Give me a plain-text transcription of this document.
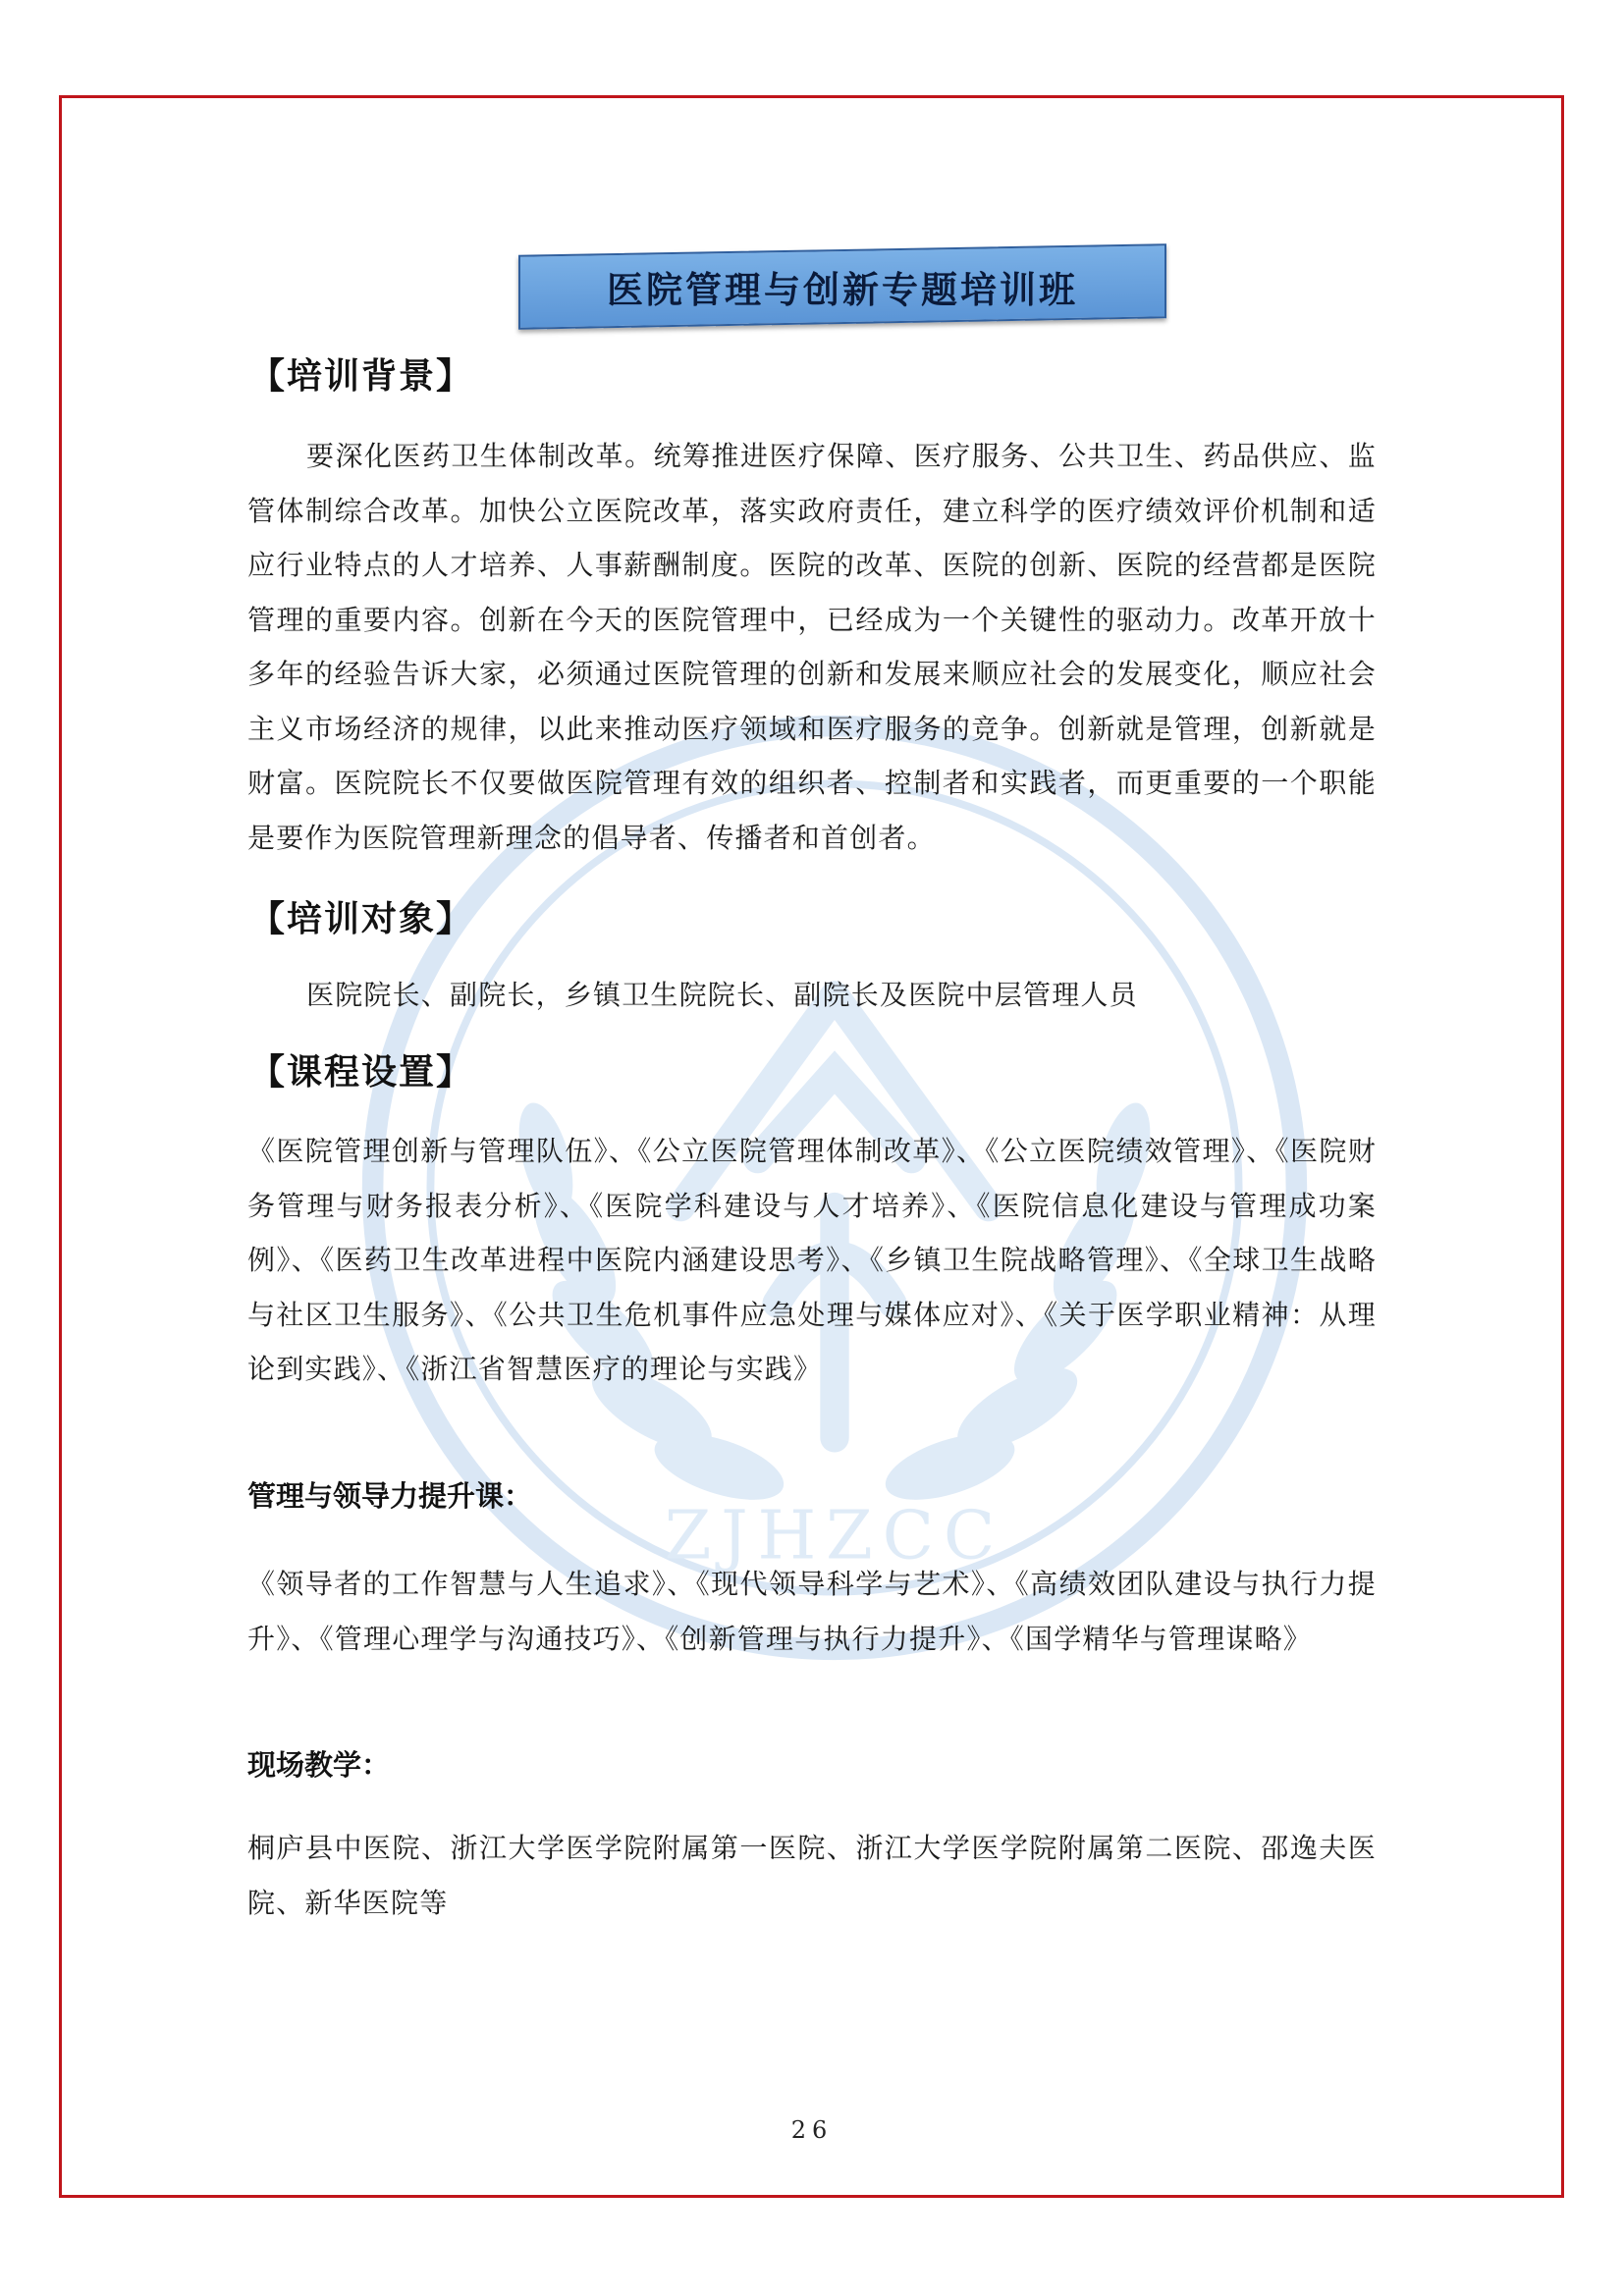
ZJHZCC
医院管理与创新专题培训班
【培训背景】
要深化医药卫生体制改革。统筹推进医疗保障、医疗服务、公共卫生、药品供应、监管体制综合改革。加快公立医院改革，落实政府责任，建立科学的医疗绩效评价机制和适应行业特点的人才培养、人事薪酬制度。医院的改革、医院的创新、医院的经营都是医院管理的重要内容。创新在今天的医院管理中，已经成为一个关键性的驱动力。改革开放十多年的经验告诉大家，必须通过医院管理的创新和发展来顺应社会的发展变化，顺应社会主义市场经济的规律，以此来推动医疗领域和医疗服务的竞争。创新就是管理，创新就是财富。医院院长不仅要做医院管理有效的组织者、控制者和实践者，而更重要的一个职能是要作为医院管理新理念的倡导者、传播者和首创者。
【培训对象】
医院院长、副院长，乡镇卫生院院长、副院长及医院中层管理人员
【课程设置】
《医院管理创新与管理队伍》、《公立医院管理体制改革》、《公立医院绩效管理》、《医院财务管理与财务报表分析》、《医院学科建设与人才培养》、《医院信息化建设与管理成功案例》、《医药卫生改革进程中医院内涵建设思考》、《乡镇卫生院战略管理》、《全球卫生战略与社区卫生服务》、《公共卫生危机事件应急处理与媒体应对》、《关于医学职业精神：从理论到实践》、《浙江省智慧医疗的理论与实践》
管理与领导力提升课：
《领导者的工作智慧与人生追求》、《现代领导科学与艺术》、《高绩效团队建设与执行力提升》、《管理心理学与沟通技巧》、《创新管理与执行力提升》、《国学精华与管理谋略》
现场教学：
桐庐县中医院、浙江大学医学院附属第一医院、浙江大学医学院附属第二医院、邵逸夫医院、新华医院等
26
